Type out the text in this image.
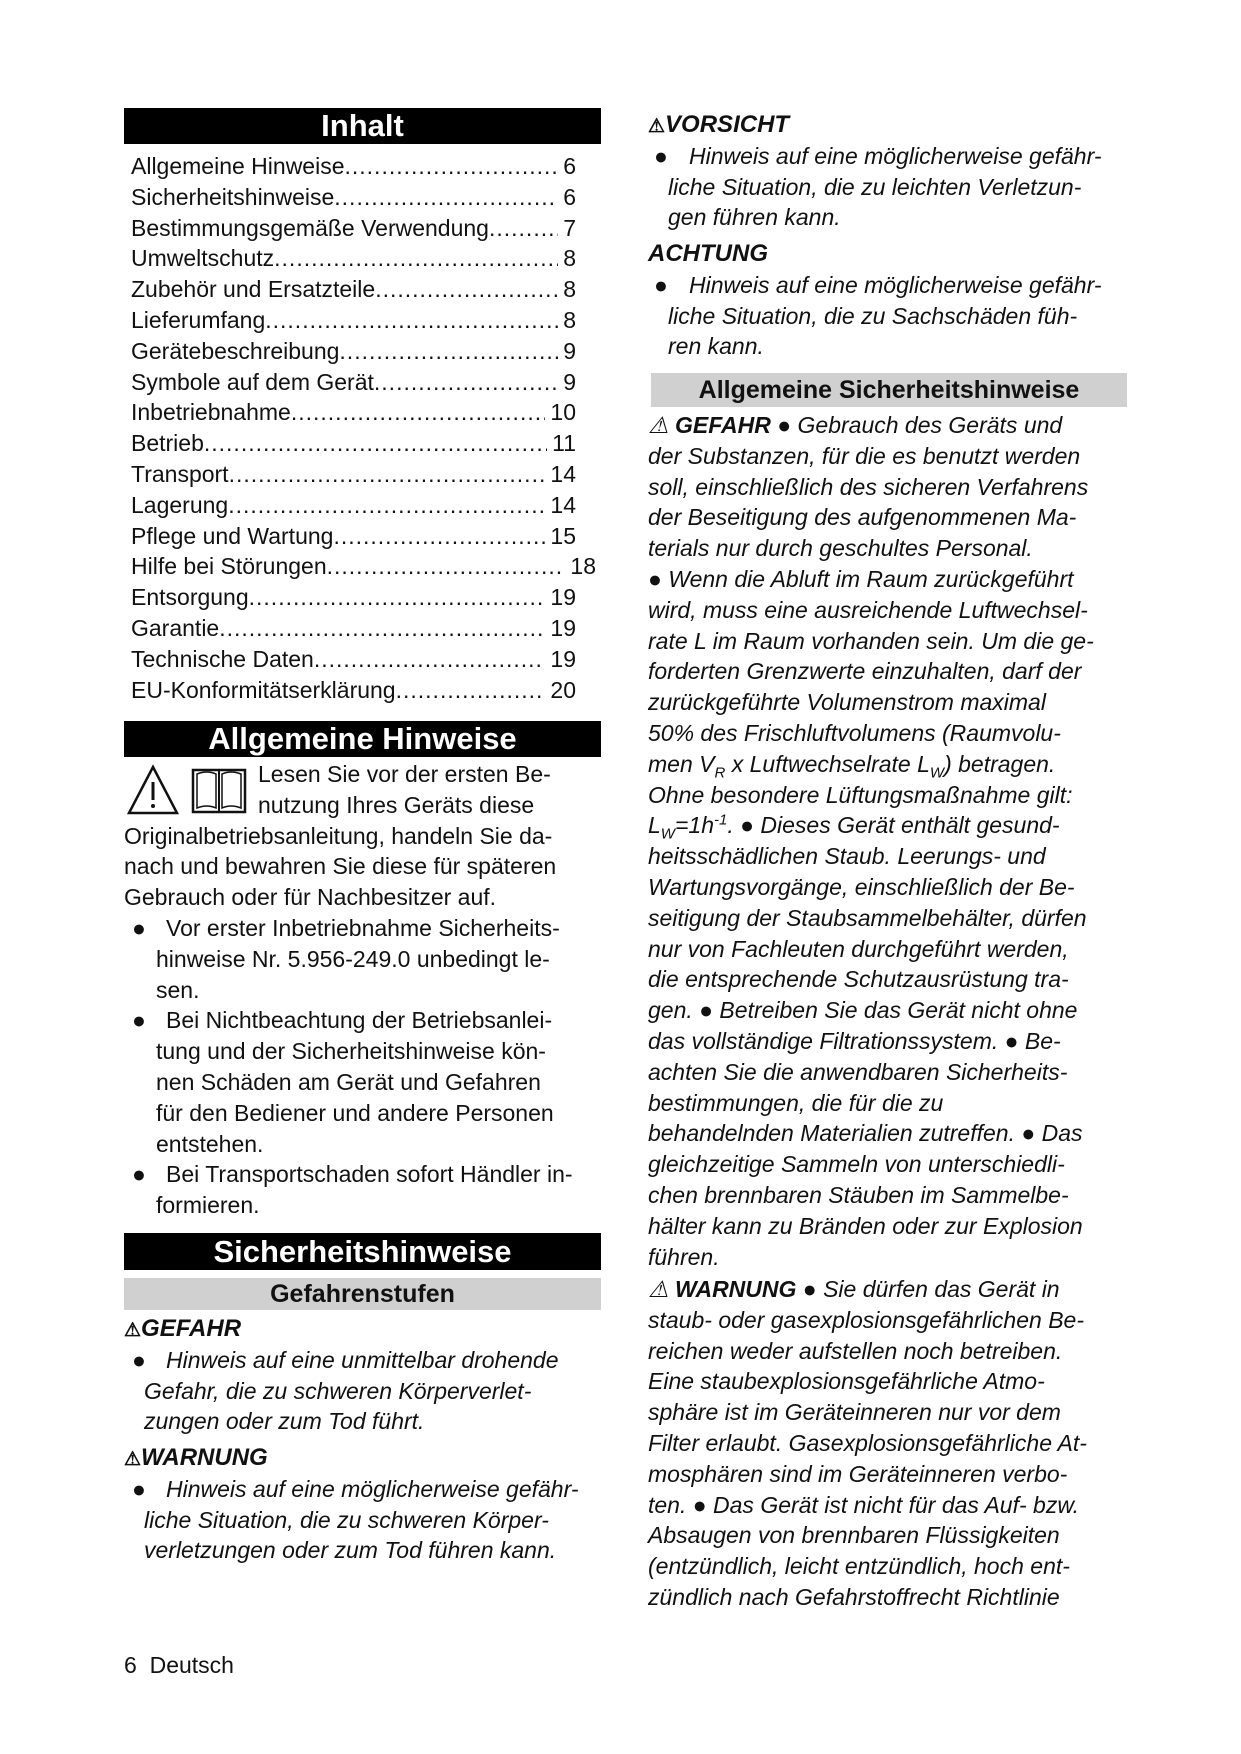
Inhalt
Allgemeine Hinweise .....	6
Sicherheitshinweise .....	6
Bestimmungsgemäße Verwendung .....	7
Umweltschutz .....	8
Zubehör und Ersatzteile .....	8
Lieferumfang .....	8
Gerätebeschreibung .....	9
Symbole auf dem Gerät .....	9
Inbetriebnahme .....	10
Betrieb .....	11
Transport .....	14
Lagerung .....	14
Pflege und Wartung .....	15
Hilfe bei Störungen .....	18
Entsorgung .....	19
Garantie .....	19
Technische Daten .....	19
EU-Konformitätserklärung .....	20
Allgemeine Hinweise
Lesen Sie vor der ersten Be-
nutzung Ihres Geräts diese
Originalbetriebsanleitung, handeln Sie da-
nach und bewahren Sie diese für späteren
Gebrauch oder für Nachbesitzer auf.
Vor erster Inbetriebnahme Sicherheits-
●
hinweise Nr. 5.956-249.0 unbedingt le-
sen.
Bei Nichtbeachtung der Betriebsanlei-
●
tung und der Sicherheitshinweise kön-
nen Schäden am Gerät und Gefahren
für den Bediener und andere Personen
entstehen.
Bei Transportschaden sofort Händler in-
●
formieren.
Sicherheitshinweise
Gefahrenstufen
⚠GEFAHR
Hinweis auf eine unmittelbar drohende
●
Gefahr, die zu schweren Körperverlet-
zungen oder zum Tod führt.
⚠WARNUNG
Hinweis auf eine möglicherweise gefähr-
●
liche Situation, die zu schweren Körper-
verletzungen oder zum Tod führen kann.
⚠VORSICHT
Hinweis auf eine möglicherweise gefähr-
●
liche Situation, die zu leichten Verletzun-
gen führen kann.
ACHTUNG
Hinweis auf eine möglicherweise gefähr-
●
liche Situation, die zu Sachschäden füh-
ren kann.
Allgemeine Sicherheitshinweise
⚠ GEFAHR ● Gebrauch des Geräts und
der Substanzen, für die es benutzt werden
soll, einschließlich des sicheren Verfahrens
der Beseitigung des aufgenommenen Ma-
terials nur durch geschultes Personal.
● Wenn die Abluft im Raum zurückgeführt
wird, muss eine ausreichende Luftwechsel-
rate L im Raum vorhanden sein. Um die ge-
forderten Grenzwerte einzuhalten, darf der
zurückgeführte Volumenstrom maximal
50% des Frischluftvolumens (Raumvolu-
men $V_R$ x Luftwechselrate $L_W$) betragen.
Ohne besondere Lüftungsmaßnahme gilt:
$L_W=1h^{-1}$. ● Dieses Gerät enthält gesund-
heitsschädlichen Staub. Leerungs- und
Wartungsvorgänge, einschließlich der Be-
seitigung der Staubsammelbehälter, dürfen
nur von Fachleuten durchgeführt werden,
die entsprechende Schutzausrüstung tra-
gen. ● Betreiben Sie das Gerät nicht ohne
das vollständige Filtrationssystem. ● Be-
achten Sie die anwendbaren Sicherheits-
bestimmungen, die für die zu
behandelnden Materialien zutreffen. ● Das
gleichzeitige Sammeln von unterschiedli-
chen brennbaren Stäuben im Sammelbe-
hälter kann zu Bränden oder zur Explosion
führen.
⚠ WARNUNG ● Sie dürfen das Gerät in
staub- oder gasexplosionsgefährlichen Be-
reichen weder aufstellen noch betreiben.
Eine staubexplosionsgefährliche Atmo-
sphäre ist im Geräteinneren nur vor dem
Filter erlaubt. Gasexplosionsgefährliche At-
mosphären sind im Geräteinneren verbo-
ten. ● Das Gerät ist nicht für das Auf- bzw.
Absaugen von brennbaren Flüssigkeiten
(entzündlich, leicht entzündlich, hoch ent-
zündlich nach Gefahrstoffrecht Richtlinie
6 Deutsch
